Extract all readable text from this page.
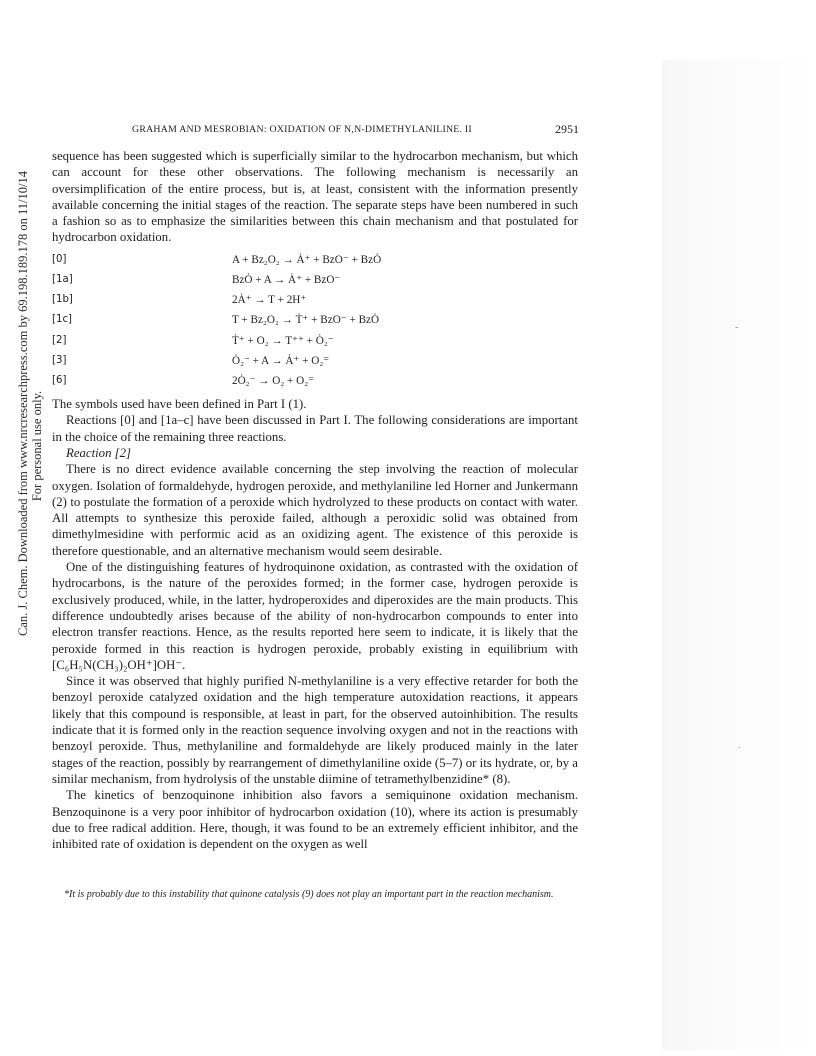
Can. J. Chem. Downloaded from www.nrcresearchpress.com by 69.198.189.178 on 11/10/14 For personal use only.
GRAHAM AND MESROBIAN: OXIDATION OF N,N-DIMETHYLANILINE. II	2951

sequence has been suggested which is superficially similar to the hydrocarbon mechanism, but which can account for these other observations. The following mechanism is necessarily an oversimplification of the entire process, but is, at least, consistent with the information presently available concerning the initial stages of the reaction. The separate steps have been numbered in such a fashion so as to emphasize the similarities between this chain mechanism and that postulated for hydrocarbon oxidation.

[0]	A + Bz₂O₂ → Ȧ⁺ + BzO⁻ + BzȮ
[1a]	BzȮ + A → Ȧ⁺ + BzO⁻
[1b]	2Ȧ⁺ → T + 2H⁺
[1c]	T + Bz₂O₂ → Ṫ⁺ + BzO⁻ + BzȮ
[2]	Ṫ⁺ + O₂ → T⁺⁺ + Ȯ₂⁻
[3]	Ȯ₂⁻ + A → Ȧ⁺ + O₂⁼
[6]	2Ȯ₂⁻ → O₂ + O₂⁼

The symbols used have been defined in Part I (1).

Reactions [0] and [1a–c] have been discussed in Part I. The following considerations are important in the choice of the remaining three reactions.

Reaction [2]

There is no direct evidence available concerning the step involving the reaction of molecular oxygen. Isolation of formaldehyde, hydrogen peroxide, and methylaniline led Horner and Junkermann (2) to postulate the formation of a peroxide which hydrolyzed to these products on contact with water. All attempts to synthesize this peroxide failed, although a peroxidic solid was obtained from dimethylmesidine with performic acid as an oxidizing agent. The existence of this peroxide is therefore questionable, and an alternative mechanism would seem desirable.

One of the distinguishing features of hydroquinone oxidation, as contrasted with the oxidation of hydrocarbons, is the nature of the peroxides formed; in the former case, hydrogen peroxide is exclusively produced, while, in the latter, hydroperoxides and diperoxides are the main products. This difference undoubtedly arises because of the ability of non-hydrocarbon compounds to enter into electron transfer reactions. Hence, as the results reported here seem to indicate, it is likely that the peroxide formed in this reaction is hydrogen peroxide, probably existing in equilibrium with [C₆H₅N(CH₃)₂OH⁺]OH⁻.

Since it was observed that highly purified N-methylaniline is a very effective retarder for both the benzoyl peroxide catalyzed oxidation and the high temperature autoxidation reactions, it appears likely that this compound is responsible, at least in part, for the observed autoinhibition. The results indicate that it is formed only in the reaction sequence involving oxygen and not in the reactions with benzoyl peroxide. Thus, methylaniline and formaldehyde are likely produced mainly in the later stages of the reaction, possibly by rearrangement of dimethylaniline oxide (5–7) or its hydrate, or, by a similar mechanism, from hydrolysis of the unstable diimine of tetramethylbenzidine* (8).

The kinetics of benzoquinone inhibition also favors a semiquinone oxidation mechanism. Benzoquinone is a very poor inhibitor of hydrocarbon oxidation (10), where its action is presumably due to free radical addition. Here, though, it was found to be an extremely efficient inhibitor, and the inhibited rate of oxidation is dependent on the oxygen as well

*It is probably due to this instability that quinone catalysis (9) does not play an important part in the reaction mechanism.
-
.
